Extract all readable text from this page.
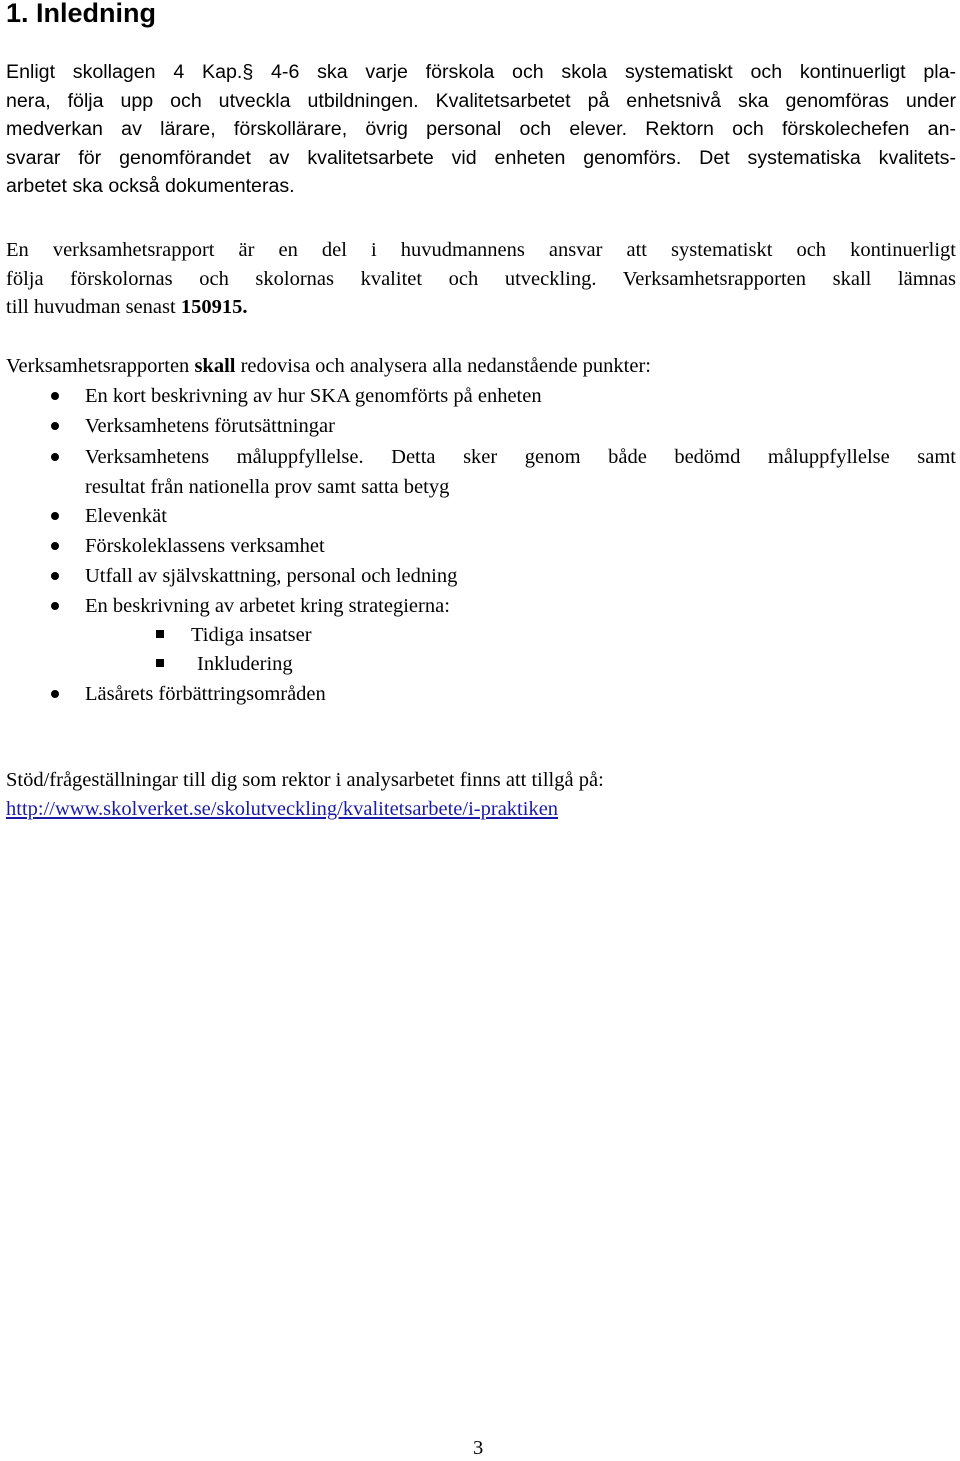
1. Inledning
Enligt skollagen 4 Kap.§ 4-6 ska varje förskola och skola systematiskt och kontinuerligt pla-
nera, följa upp och utveckla utbildningen. Kvalitetsarbetet på enhetsnivå ska genomföras under
medverkan av lärare, förskollärare, övrig personal och elever. Rektorn och förskolechefen an-
svarar för genomförandet av kvalitetsarbete vid enheten genomförs. Det systematiska kvalitets-
arbetet ska också dokumenteras.
En verksamhetsrapport är en del i huvudmannens ansvar att systematiskt och kontinuerligt
följa förskolornas och skolornas kvalitet och utveckling. Verksamhetsrapporten skall lämnas
till huvudman senast 150915.
Verksamhetsrapporten skall redovisa och analysera alla nedanstående punkter:
En kort beskrivning av hur SKA genomförts på enheten
Verksamhetens förutsättningar
Verksamhetens måluppfyllelse. Detta sker genom både bedömd måluppfyllelse samt
resultat från nationella prov samt satta betyg
Elevenkät
Förskoleklassens verksamhet
Utfall av självskattning, personal och ledning
En beskrivning av arbetet kring strategierna:
Tidiga insatser
Inkludering
Läsårets förbättringsområden
Stöd/frågeställningar till dig som rektor i analysarbetet finns att tillgå på:
http://www.skolverket.se/skolutveckling/kvalitetsarbete/i-praktiken
3
